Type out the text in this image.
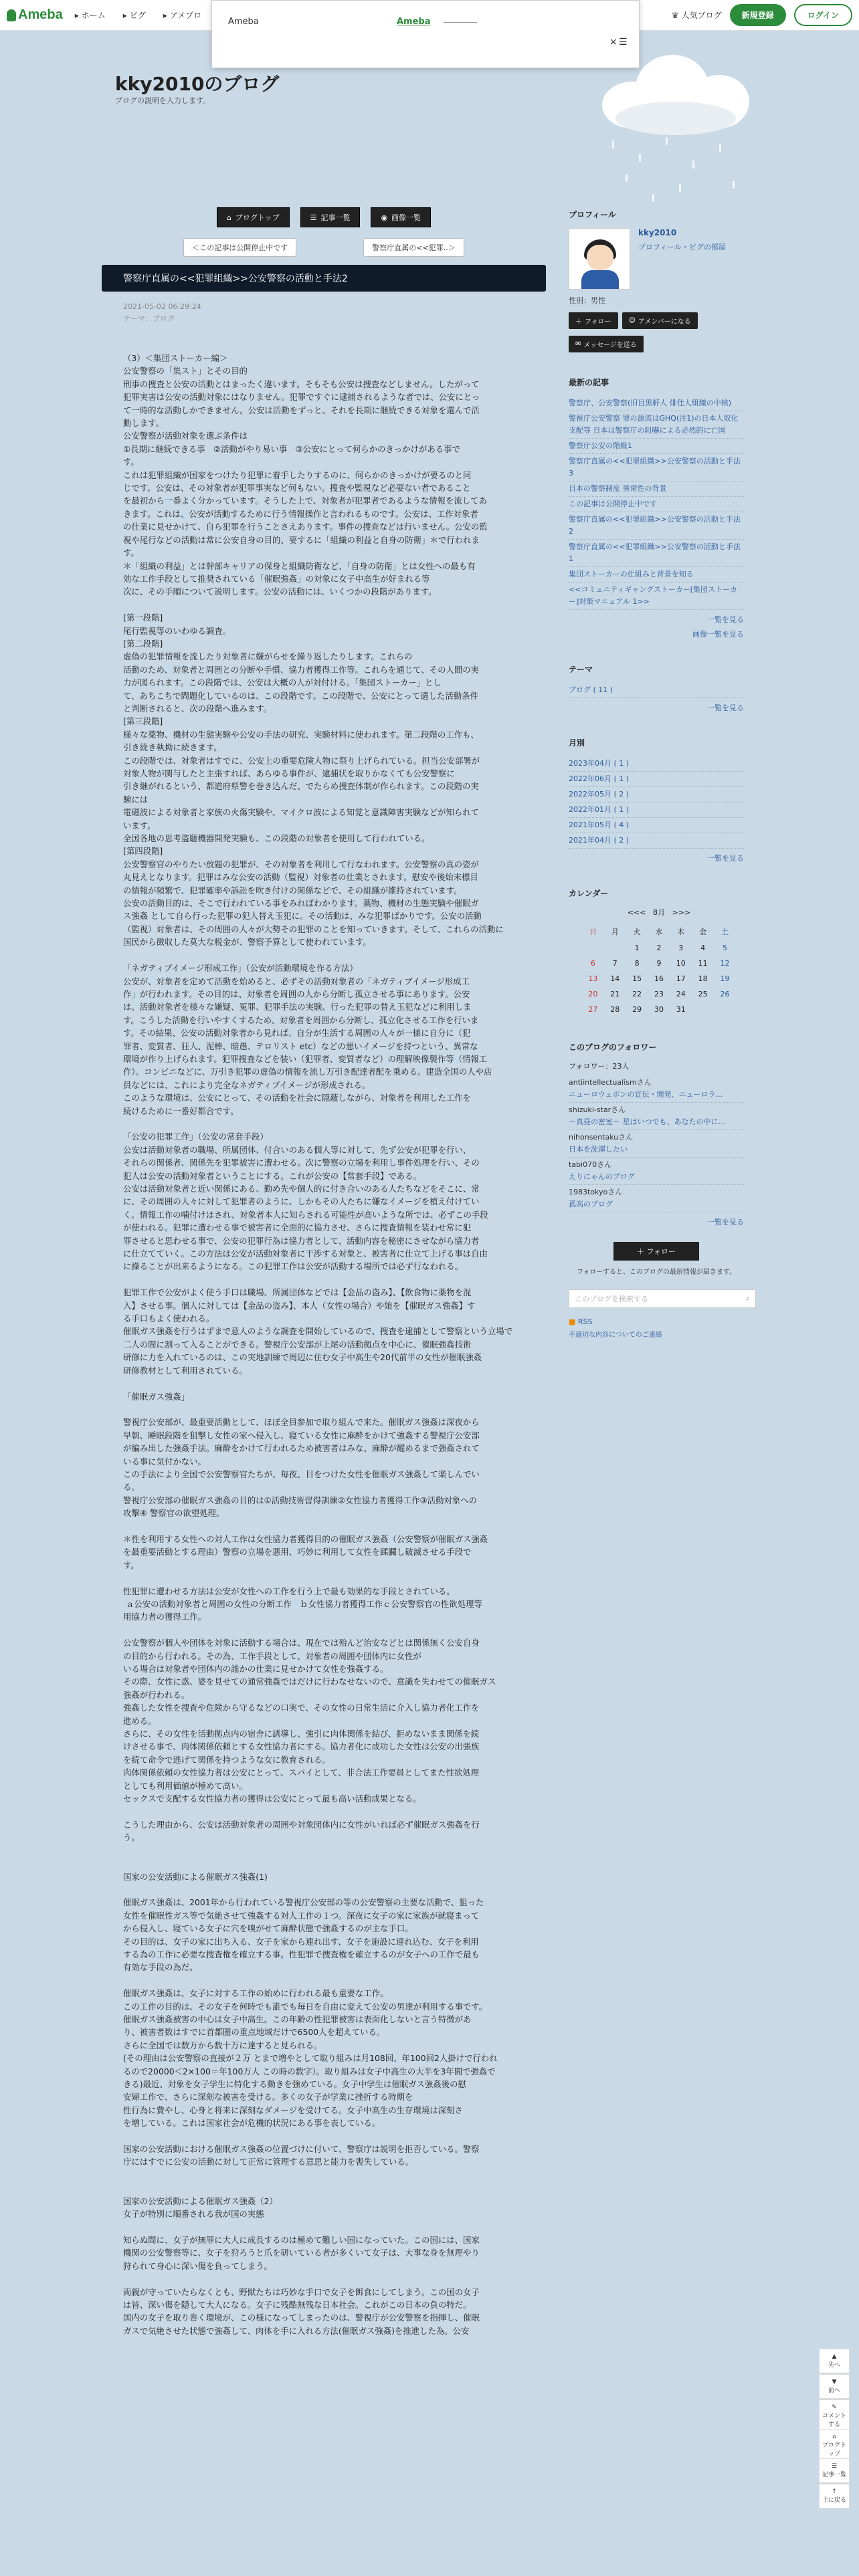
Ameba ▸ ホーム ▸ ピグ ▸ アメブロ	♛ 人気ブログ	新規登録	ログイン
Ameba	Ameba
× ☰
kky2010のブログ
ブログの説明を入力します。
⌂ ブログトップ	☰ 記事一覧	◉ 画像一覧
＜この記事は公開停止中です	警察庁直属の<<犯罪..＞
警察庁直属の<<犯罪組織>>公安警察の活動と手法2
2021-05-02 06:29:24
テーマ：ブログ
（3）＜集団ストーカー編＞
公安警察の「集スト」とその目的
刑事の捜査と公安の活動とはまったく違います。そもそも公安は捜査などしません。したがって
犯罪実害は公安の活動対象にはなりません。犯罪ですぐに逮捕されるような者では、公安にとっ
て一時的な活動しかできません。公安は活動をずっと、それを長期に継続できる対象を選んで活
動します。
公安警察が活動対象を選ぶ条件は
①長期に継続できる事　②活動がやり易い事　③公安にとって何らかのきっかけがある事で
す。
これは犯罪組織が国家をつけたり犯罪に着手したりするのに、何らかのきっかけが要るのと同
じです。公安は、その対象者が犯罪事実など何もない。捜査や監視など必要ない者であること
を最初から一番よく分かっています。そうした上で、対象者が犯罪者であるような情報を流してあ
きます。これは、公安が活動するために行う情報操作と言われるものです。公安は、工作対象者
の仕業に見せかけて、自ら犯罪を行うことさえあります。事件の捜査などは行いません。公安の監
視や尾行などの活動は常に公安自身の目的、要するに「組織の利益と自身の防衛」＊で行われま
す。
＊「組織の利益」とは幹部キャリアの保身と組織防衛など、「自身の防衛」とは女性への最も有
効な工作手段として推奨されている「催眠強姦」の対象に女子中高生が好まれる等
次に、その手順について説明します。公安の活動には、いくつかの段階があります。

[第一段階]
尾行監視等のいわゆる調査。
[第二段階]
虚偽の犯罪情報を流したり対象者に嫌がらせを繰り返したりします。これらの
活動のため、対象者と周囲との分断や手慣、協力者獲得工作等。これらを通じて、その人間の実
力が図られます。この段階では、公安は大概の人が対付ける。「集団ストーカー」とし
て、あちこちで問題化しているのは、この段階です。この段階で、公安にとって適した活動条件
と判断されると、次の段階へ進みます。
[第三段階]
様々な薬物、機材の生態実験や公安の手法の研究、実験材料に使われます。第二段階の工作も、
引き続き執拗に続きます。
この段階では、対象者はすでに、公安上の重要危険人物に祭り上げられている。担当公安部署が
対象人物が関与したと主張すれば、あらゆる事件が、逮捕状を取りかなくても公安警察に
引き継がれるという、都道府県警を巻き込んだ、でたらめ捜査体制が作られます。この段階の実
験には
電磁波による対象者と家族の火傷実験や、マイクロ波による知覚と意識障害実験などが知られて
います。
全国各地の思考盗聴機器開発実験も、この段階の対象者を使用して行われている。
[第四段階]
公安警察官のやりたい放題の犯罪が、その対象者を利用して行なわれます。公安警察の真の姿が
丸見えとなります。犯罪はみな公安の活動（監視）対象者の仕業とされます。慰安や後始末標目
の情報が頻繁で、犯罪確率や訴訟を吹き付けの関係などで、その組織が維持されています。
公安の活動目的は、そこで行われている事をみればわかります。薬物、機材の生態実験や催眠ガ
ス強姦 として自ら行った犯罪の犯人替え玉犯に。その活動は、みな犯罪ばかりです。公安の活動
（監視）対象者は、その周囲の人々が大勢その犯罪のことを知っていきます。そして、これらの活動に
国民から徴収した莫大な税金が、警察予算として使われています。

「ネガティブイメージ形成工作」（公安が活動環境を作る方法）
公安が、対象者を定めて活動を始めると、必ずその活動対象者の「ネガティブイメージ形成工
作」が行われます。その目的は、対象者を周囲の人から分断し孤立させる事にあります。公安
は、活動対象者を様々な嫌疑、冤罪、犯罪手法の実験、行った犯罪の替え玉犯などに利用しま
す。こうした活動を行いやすくするため、対象者を周囲から分断し、孤立化させる工作を行いま
す。その結果、公安の活動対象者から見れば、自分が生活する周囲の人々が一様に自分に（犯
罪者、変質者、狂人、泥棒、暗愚、テロリスト etc）などの悪いイメージを持つという、異常な
環境が作り上げられます。犯罪捜査などを装い（犯罪者、変質者など）の理解映像製作等（情報工
作）。コンビニなどに、万引き犯罪の虚偽の情報を流し万引き配達者配を乗める。建造全国の人や店
員などには、これにより完全なネガティブイメージが形成される。
このような環境は、公安にとって、その活動を社会に隠蔽しながら、対象者を利用した工作を
続けるために一番好都合です。

「公安の犯罪工作」（公安の常套手段）
公安は活動対象者の職場、所属団体、付合いのある個人等に対して、先ず公安が犯罪を行い、
それらの関係者、関係先を犯罪被害に遭わせる。次に警察の立場を利用し事件処理を行い、その
犯人は公安の活動対象者ということにする。これが公安の【常套手段】である。
公安は活動対象者と近い関係にある、勤め先や個人的に付き合いのある人たちなどをそこに、常
に、その周囲の人々に対して犯罪者のように、しかもその人たちに嫌なイメージを植え付けてい
く。情報工作の噛付けはされ、対象者本人に知らされる可能性が高いような所では、必ずこの手段
が使われる。犯罪に遭わせる事で被害者に全面的に協力させ、さらに捜査情報を装わせ常に犯
罪させると思わせる事で、公安の犯罪行為は協力者として、活動内容を秘密にさせながら協力者
に仕立てていく。この方法は公安が活動対象者に干渉する対象と、被害者に仕立て上げる事は自由
に操ることが出来るようになる。この犯罪工作は公安が活動する場所では必ず行なわれる。

犯罪工作で公安がよく使う手口は職場、所属団体などでは【金品の盗み】、【飲食物に薬物を混
入】させる事。個人に対しては【金品の盗み】、本人（女性の場合）や娘を【催眠ガス強姦】す
る手口もよく使われる。
催眠ガス強姦を行うはずまで意人のような調査を開始しているので、捜査を逮捕として警察という立場で
二人の間に割って入ることができる。警視庁公安部が上尾の活動拠点を中心に、催眠強姦技術
研修に力を入れているのは、この実地訓練で周辺に住む女子中高生や20代前半の女性が催眠強姦
研修教材として利用されている。

「催眠ガス強姦」

警視庁公安部が、最重要活動として、ほぼ全員参加で取り組んで来た。催眠ガス強姦は深夜から
早朝、睡眠段階を狙撃し女性の家へ侵入し、寝ている女性に麻酔をかけて強姦する警視庁公安部
が編み出した強姦手法。麻酔をかけて行われるため被害者はみな、麻酔が醒めるまで強姦されて
いる事に気付かない。
この手法により全国で公安警察官たちが、毎夜、目をつけた女性を催眠ガス強姦して楽しんでい
る。
警視庁公安部の催眠ガス強姦の目的は①活動技術習得訓練②女性協力者獲得工作③活動対象への
攻撃④ 警察官の欲望処理。

＊性を利用する女性への対人工作は女性協力者獲得目的の催眠ガス強姦（公安警察が催眠ガス強姦
を最重要活動とする理由）警察の立場を悪用、巧妙に利用して女性を蹂躙し破滅させる手段で
す。

性犯罪に遭わせる方法は公安が女性への工作を行う上で最も効果的な手段とされている。
ａ公安の活動対象者と周囲の女性の分断工作　ｂ女性協力者獲得工作ｃ公安警察官の性欲処理等
用協力者の獲得工作。

公安警察が個人や団体を対象に活動する場合は、現在では殆んど治安などとは関係無く公安自身
の目的から行われる。その為、工作手段として、対象者の周囲や団体内に女性が
いる場合は対象者や団体内の誰かの仕業に見せかけて女性を強姦する。
その際、女性に惑、婆を見せての通常強姦ではだけに行わなせないので、意識を失わせての催眠ガス
強姦が行われる。
強姦した女性を捜査や危険から守るなどの口実で、その女性の日常生活に介入し協力者化工作を
進める。
さらに、その女性を活動拠点内の宿舎に誘導し、強引に肉体関係を結び、拒めないまま関係を続
けさせる事で、肉体関係依頼とする女性協力者にする。協力者化に成功した女性は公安の出張族
を続て命令で逃げて関係を持つような女に教育される。
肉体関係依頼の女性協力者は公安にとって、スパイとして、非合法工作要員としてまた性欲処理
としても利用価値が極めて高い。
セックスで支配する女性協力者の獲得は公安にとって最も高い活動成果となる。

こうした理由から、公安は活動対象者の周囲や対象団体内に女性がいれば必ず催眠ガス強姦を行
う。

国家の公安活動による催眠ガス強姦(1)

催眠ガス強姦は、2001年から行われている警視庁公安部の等の公安警察の主要な活動で、狙った
女性を催眠性ガス等で気絶させて強姦する対人工作の１つ。深夜に女子の家に家族が就寝まって
から侵入し、寝ている女子に穴を嗅がせて麻酔状態で強姦するのが主な手口。
その目的は、女子の家に出ち入る、女子を家から連れ出す、女子を施設に連れ込む、女子を利用
する為の工作に必要な捜査権を確立する事。性犯罪で捜査権を確立するのが女子への工作で最も
有効な手段の為だ。

催眠ガス強姦は、女子に対する工作の始めに行われる最も重要な工作。
この工作の目的は、その女子を何時でも誰でも毎日を自由に変えて公安の男達が利用する事です。
催眠ガス強姦被害の中心は女子中高生。この年齢の性犯罪被害は表面化しないと言う特徴があ
り、被害者数はすでに首都圏の重点地域だけで6500人を超えている。
さらに全国では数万から数十万に達すると見られる。
(その理由は公安警察の直接が２万 とまで増やとして取り組みは月108回、年100回2人掛けで行われ
るので20000＜2×100＝年100万人 この時の数字）。取り組みは女子中高生の大半を3年間で強姦で
きる)最近、対象を女子学生に特化する動きを強めている。女子中学生は催眠ガス強姦後の慰
安婦工作で、さらに深刻な被害を受ける。多くの女子が学業に挫折する時期を
性行為に費やし、心身と将来に深刻なダメージを受けてる。女子中高生の生存環境は深刻さ
を増している。これは国家社会が危機的状況にある事を表している。

国家の公安活動における催眠ガス強姦の位置づけに付いて、警察庁は説明を拒否している。警察
庁にはすでに公安の活動に対して正常に管理する意思と能力を喪失している。

国家の公安活動による催眠ガス強姦（2）
女子が特別に順番される我が国の実態

知らぬ間に、女子が無罪に大人に成長するのは極めて難しい国になっていた。この国には、国家
機関の公安警察等に、女子を狩ろうと爪を研いている者が多くいて女子は、大事な身を無理やり
狩られて身心に深い傷を負ってしまう。

両親が守っていたらなくとも、野獣たちは巧妙な手口で女子を餌食にしてしまう。この国の女子
は皆、深い傷を隠して大人になる。女子に残酷無残な日本社会。これがこの日本の負の特だ。
国内の女子を取り巻く環境が、この様になってしまったのは、警視庁が公安警察を指揮し、催眠
ガスで気絶させた状態で強姦して、肉体を手に入れる方法(催眠ガス強姦)を推進した為。公安
プロフィール
kky2010
プロフィール・ピグの部屋
性別：男性
＋ フォロー	☺ アメンバーになる
✉ メッセージを送る
最新の記事
警察庁、公安警察(旧目黒軒人 俳仕人組織の中核)
警視庁公安警察 罪の源流はGHQ(注1)の日本人奴化支配等 日本は警察庁の阻嚇による必然的に亡国
警察庁公安の階級1
警察庁直属の<<犯罪組織>>公安警察の活動と手法3
日本の警察制度 異常性の背景
この記事は公開停止中です
警察庁直属の<<犯罪組織>>公安警察の活動と手法2
警察庁直属の<<犯罪組織>>公安警察の活動と手法1
集団ストーカーの仕組みと背景を知る
<<コミュニティギャングストーカー[集団ストーカー]対策マニュアル 1>>
一覧を見る
画像一覧を見る
テーマ
ブログ ( 11 )
一覧を見る
月別
2023年04月 ( 1 )
2022年06月 ( 1 )
2022年05月 ( 2 )
2022年01月 ( 1 )
2021年05月 ( 4 )
2021年04月 ( 2 )
一覧を見る
カレンダー
<<< 8月 >>>
日	月	火	水	木	金	土
		1	2	3	4	5
6	7	8	9	10	11	12
13	14	15	16	17	18	19
20	21	22	23	24	25	26
27	28	29	30	31		
このブログのフォロワー
フォロワー：23人
antiintellectualismさん
ニューロウェポンの宣伝・開発、ニューロラ...
shizuki-starさん
〜真昼の密室〜 星はいつでも、あなたの中に...
nihonsentakuさん
日本を洗濯したい
tabi070さん
えりにゃんのブログ
1983tokyoさん
孤高のブログ
一覧を見る
＋ フォロー
フォローすると、このブログの最新情報が届きます。
このブログを検索する	⌕
■ RSS
不適切な内容についてのご連絡
▲
先へ
▼
前へ
✎
コメントする
⌂
ブログトップ
☰
記事一覧
↑
上に戻る
